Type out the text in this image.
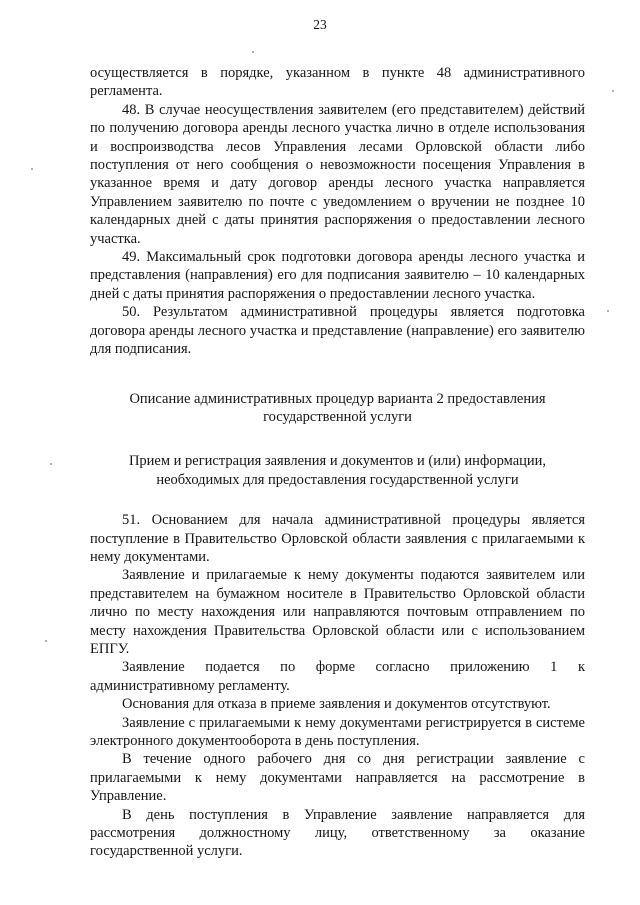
23

осуществляется в порядке, указанном в пункте 48 административного регламента.

48. В случае неосуществления заявителем (его представителем) действий по получению договора аренды лесного участка лично в отделе использования и воспроизводства лесов Управления лесами Орловской области либо поступления от него сообщения о невозможности посещения Управления в указанное время и дату договор аренды лесного участка направляется Управлением заявителю по почте с уведомлением о вручении не позднее 10 календарных дней с даты принятия распоряжения о предоставлении лесного участка.

49. Максимальный срок подготовки договора аренды лесного участка и представления (направления) его для подписания заявителю – 10 календарных дней с даты принятия распоряжения о предоставлении лесного участка.

50. Результатом административной процедуры является подготовка договора аренды лесного участка и представление (направление) его заявителю для подписания.

Описание административных процедур варианта 2 предоставления государственной услуги
Прием и регистрация заявления и документов и (или) информации, необходимых для предоставления государственной услуги

51. Основанием для начала административной процедуры является поступление в Правительство Орловской области заявления с прилагаемыми к нему документами.

Заявление и прилагаемые к нему документы подаются заявителем или представителем на бумажном носителе в Правительство Орловской области лично по месту нахождения или направляются почтовым отправлением по месту нахождения Правительства Орловской области или с использованием ЕПГУ.

Заявление подается по форме согласно приложению 1 к административному регламенту.

Основания для отказа в приеме заявления и документов отсутствуют.

Заявление с прилагаемыми к нему документами регистрируется в системе электронного документооборота в день поступления.

В течение одного рабочего дня со дня регистрации заявление с прилагаемыми к нему документами направляется на рассмотрение в Управление.

В день поступления в Управление заявление направляется для рассмотрения должностному лицу, ответственному за оказание государственной услуги.
